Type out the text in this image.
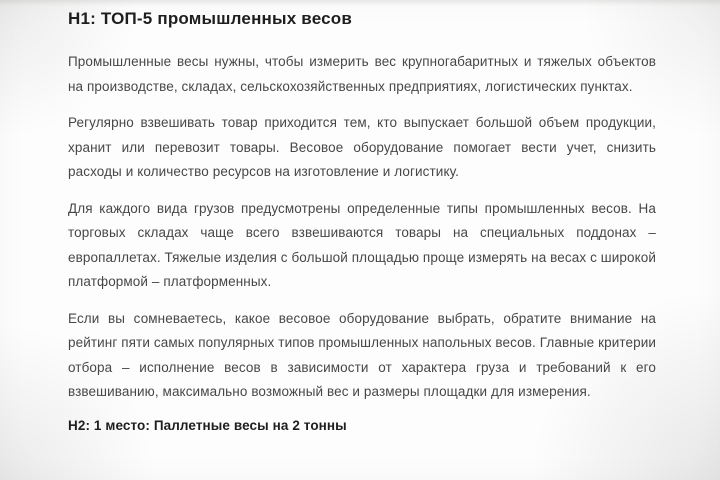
H1: ТОП-5 промышленных весов

Промышленные весы нужны, чтобы измерить вес крупногабаритных и тяжелых объектов на производстве, складах, сельскохозяйственных предприятиях, логистических пунктах.

Регулярно взвешивать товар приходится тем, кто выпускает большой объем продукции, хранит или перевозит товары. Весовое оборудование помогает вести учет, снизить расходы и количество ресурсов на изготовление и логистику.

Для каждого вида грузов предусмотрены определенные типы промышленных весов. На торговых складах чаще всего взвешиваются товары на специальных поддонах – европаллетах. Тяжелые изделия с большой площадью проще измерять на весах с широкой платформой – платформенных.

Если вы сомневаетесь, какое весовое оборудование выбрать, обратите внимание на рейтинг пяти самых популярных типов промышленных напольных весов. Главные критерии отбора – исполнение весов в зависимости от характера груза и требований к его взвешиванию, максимально возможный вес и размеры площадки для измерения.

H2: 1 место: Паллетные весы на 2 тонны
